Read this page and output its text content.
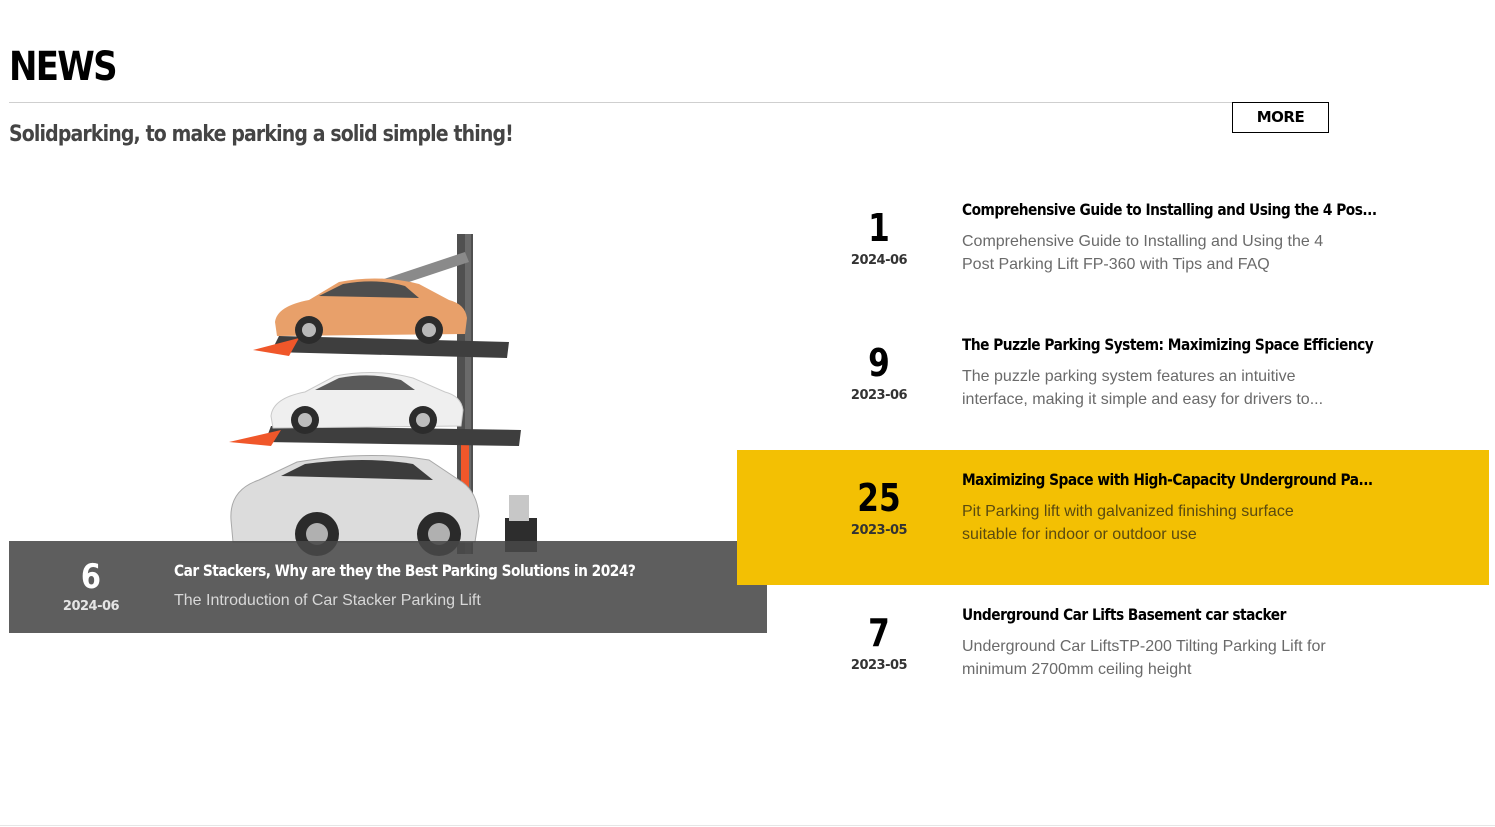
NEWS
MORE
Solidparking, to make parking a solid simple thing!
6
2024-06
Car Stackers, Why are they the Best Parking Solutions in 2024?
The Introduction of Car Stacker Parking Lift
1
2024-06
Comprehensive Guide to Installing and Using the 4 Pos...
Comprehensive Guide to Installing and Using the 4 Post Parking Lift FP-360 with Tips and FAQ
9
2023-06
The Puzzle Parking System: Maximizing Space Efficiency
The puzzle parking system features an intuitive interface, making it simple and easy for drivers to...
25
2023-05
Maximizing Space with High-Capacity Underground Pa...
Pit Parking lift with galvanized finishing surface suitable for indoor or outdoor use
7
2023-05
Underground Car Lifts Basement car stacker
Underground Car LiftsTP-200 Tilting Parking Lift for minimum 2700mm ceiling height
